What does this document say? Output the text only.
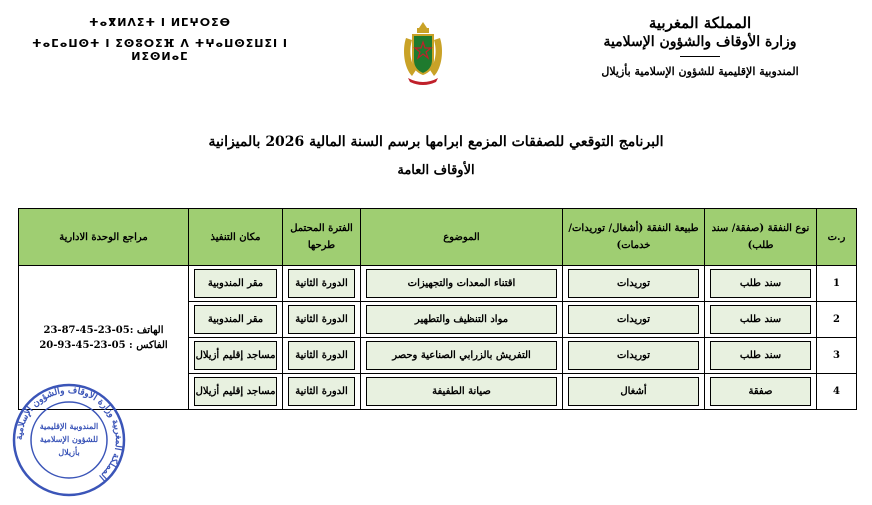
المملكة المغربية
وزارة الأوقاف والشؤون الإسلامية
المندوبية الإقليمية للشؤون الإسلامية بأزيلال
ⵜⴰⴳⵍⴷⵉⵜ ⵏ ⵍⵎⵖⵔⵉⴱ
ⵜⴰⵎⴰⵡⵙⵜ ⵏ ⵉⵙⵓⵔⵉⴼ ⴷ ⵜⵖⴰⵡⵙⵉⵡⵉⵏ ⵏ ⵍⵉⵙⵍⴰⵎ
البرنامج التوقعي للصفقات المزمع ابرامها برسم السنة المالية 2026 بالميزانية
الأوقاف العامة
ر.ت	نوع النفقة (صفقة/ سند طلب)	طبيعة النفقة (أشغال/ توريدات/ خدمات)	الموضوع	الفترة المحتمل طرحها	مكان التنفيذ	مراجع الوحدة الادارية
1	سند طلب	توريدات	اقتناء المعدات والتجهيزات	الدورة الثانية	مقر المندوبية	الهاتف :05-23-45-87-23
الفاكس : 05-23-45-93-20

2	سند طلب	توريدات	مواد التنظيف والتطهير	الدورة الثانية	مقر المندوبية	

3	سند طلب	توريدات	التفريش بالزرابي الصناعية وحصر	الدورة الثانية	مساجد إقليم أزيلال	

4	صفقة	أشغال	صيانة الطفيفة	الدورة الثانية	مساجد إقليم أزيلال	
المملكة المغربية وزارة الأوقاف والشؤون الإسلامية
المندوبية الإقليمية
للشؤون الإسلامية
بأزيلال
